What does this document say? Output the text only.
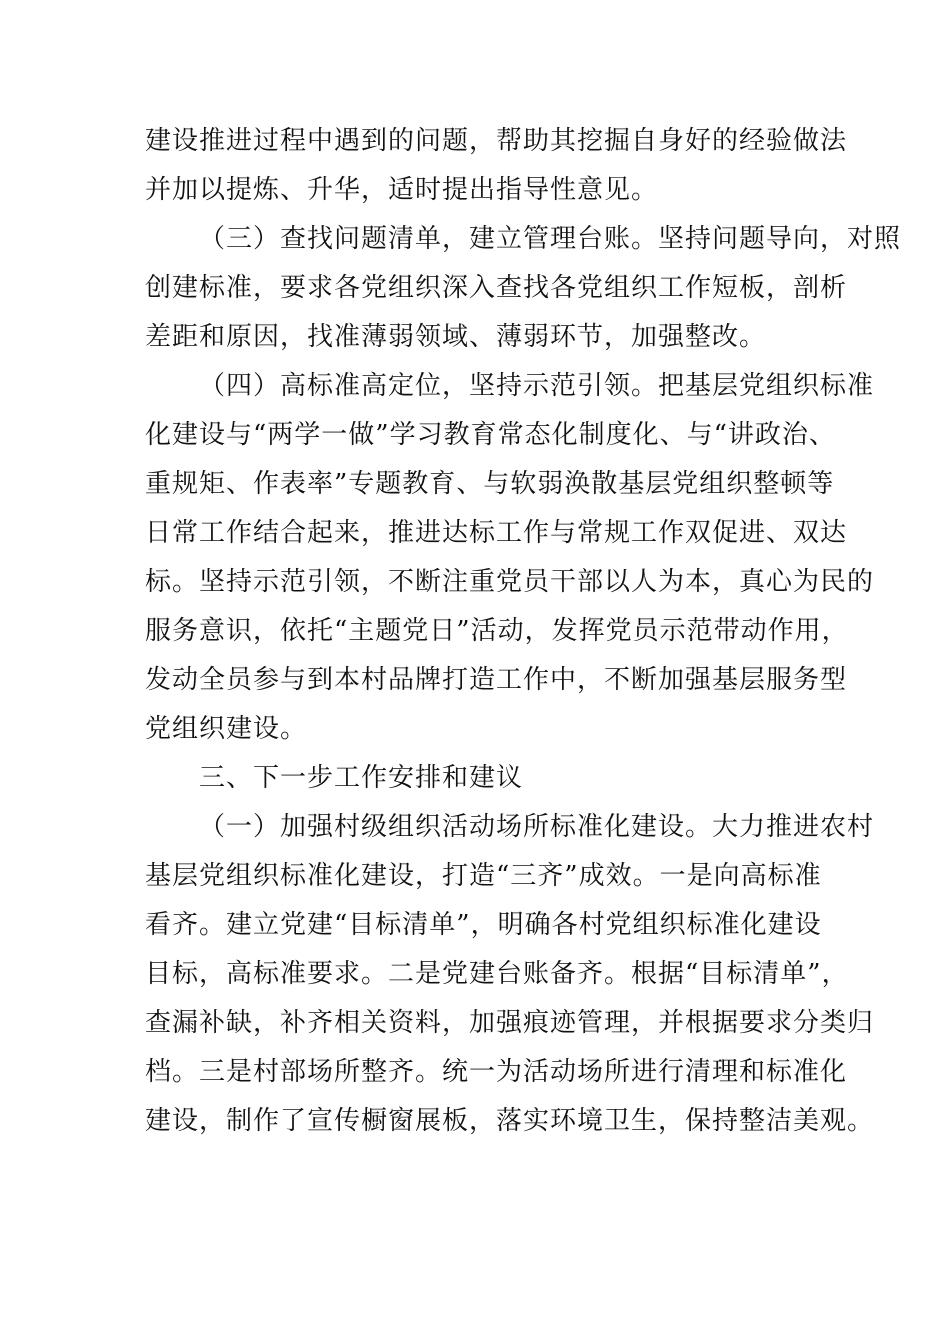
建设推进过程中遇到的问题，帮助其挖掘自身好的经验做法
并加以提炼、升华，适时提出指导性意见。
（三）查找问题清单，建立管理台账。坚持问题导向，对照
创建标准，要求各党组织深入查找各党组织工作短板，剖析
差距和原因，找准薄弱领域、薄弱环节，加强整改。
（四）高标准高定位，坚持示范引领。把基层党组织标准
化建设与“两学一做”学习教育常态化制度化、与“讲政治、
重规矩、作表率”专题教育、与软弱涣散基层党组织整顿等
日常工作结合起来，推进达标工作与常规工作双促进、双达
标。坚持示范引领，不断注重党员干部以人为本，真心为民的
服务意识，依托“主题党日”活动，发挥党员示范带动作用，
发动全员参与到本村品牌打造工作中，不断加强基层服务型
党组织建设。
三、下一步工作安排和建议
（一）加强村级组织活动场所标准化建设。大力推进农村
基层党组织标准化建设，打造“三齐”成效。一是向高标准
看齐。建立党建“目标清单”，明确各村党组织标准化建设
目标，高标准要求。二是党建台账备齐。根据“目标清单”，
查漏补缺，补齐相关资料，加强痕迹管理，并根据要求分类归
档。三是村部场所整齐。统一为活动场所进行清理和标准化
建设，制作了宣传橱窗展板，落实环境卫生，保持整洁美观。
